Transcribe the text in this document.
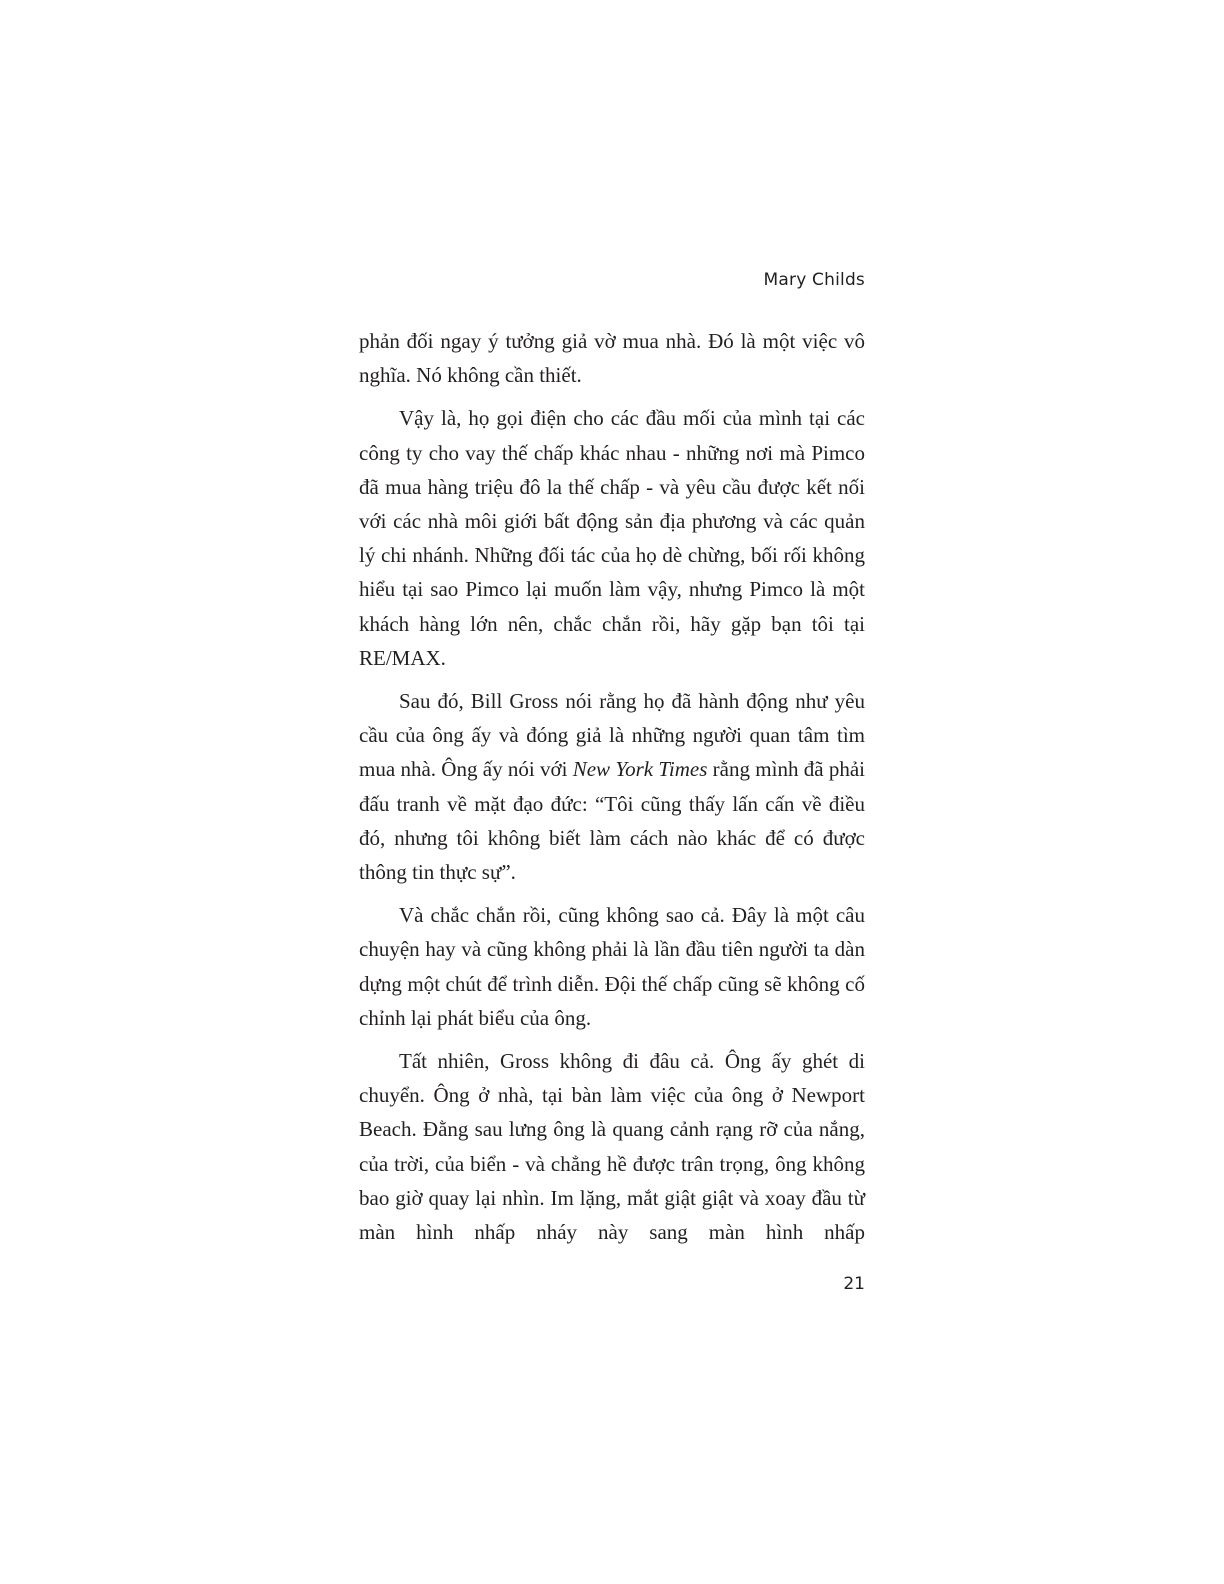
Mary Childs

phản đối ngay ý tưởng giả vờ mua nhà. Đó là một việc vô nghĩa. Nó không cần thiết.

Vậy là, họ gọi điện cho các đầu mối của mình tại các công ty cho vay thế chấp khác nhau - những nơi mà Pimco đã mua hàng triệu đô la thế chấp - và yêu cầu được kết nối với các nhà môi giới bất động sản địa phương và các quản lý chi nhánh. Những đối tác của họ dè chừng, bối rối không hiểu tại sao Pimco lại muốn làm vậy, nhưng Pimco là một khách hàng lớn nên, chắc chắn rồi, hãy gặp bạn tôi tại RE/MAX.

Sau đó, Bill Gross nói rằng họ đã hành động như yêu cầu của ông ấy và đóng giả là những người quan tâm tìm mua nhà. Ông ấy nói với New York Times rằng mình đã phải đấu tranh về mặt đạo đức: “Tôi cũng thấy lấn cấn về điều đó, nhưng tôi không biết làm cách nào khác để có được thông tin thực sự”.

Và chắc chắn rồi, cũng không sao cả. Đây là một câu chuyện hay và cũng không phải là lần đầu tiên người ta dàn dựng một chút để trình diễn. Đội thế chấp cũng sẽ không cố chỉnh lại phát biểu của ông.

Tất nhiên, Gross không đi đâu cả. Ông ấy ghét di chuyển. Ông ở nhà, tại bàn làm việc của ông ở Newport Beach. Đằng sau lưng ông là quang cảnh rạng rỡ của nắng, của trời, của biển - và chẳng hề được trân trọng, ông không bao giờ quay lại nhìn. Im lặng, mắt giật giật và xoay đầu từ màn hình nhấp nháy này sang màn hình nhấp

21
